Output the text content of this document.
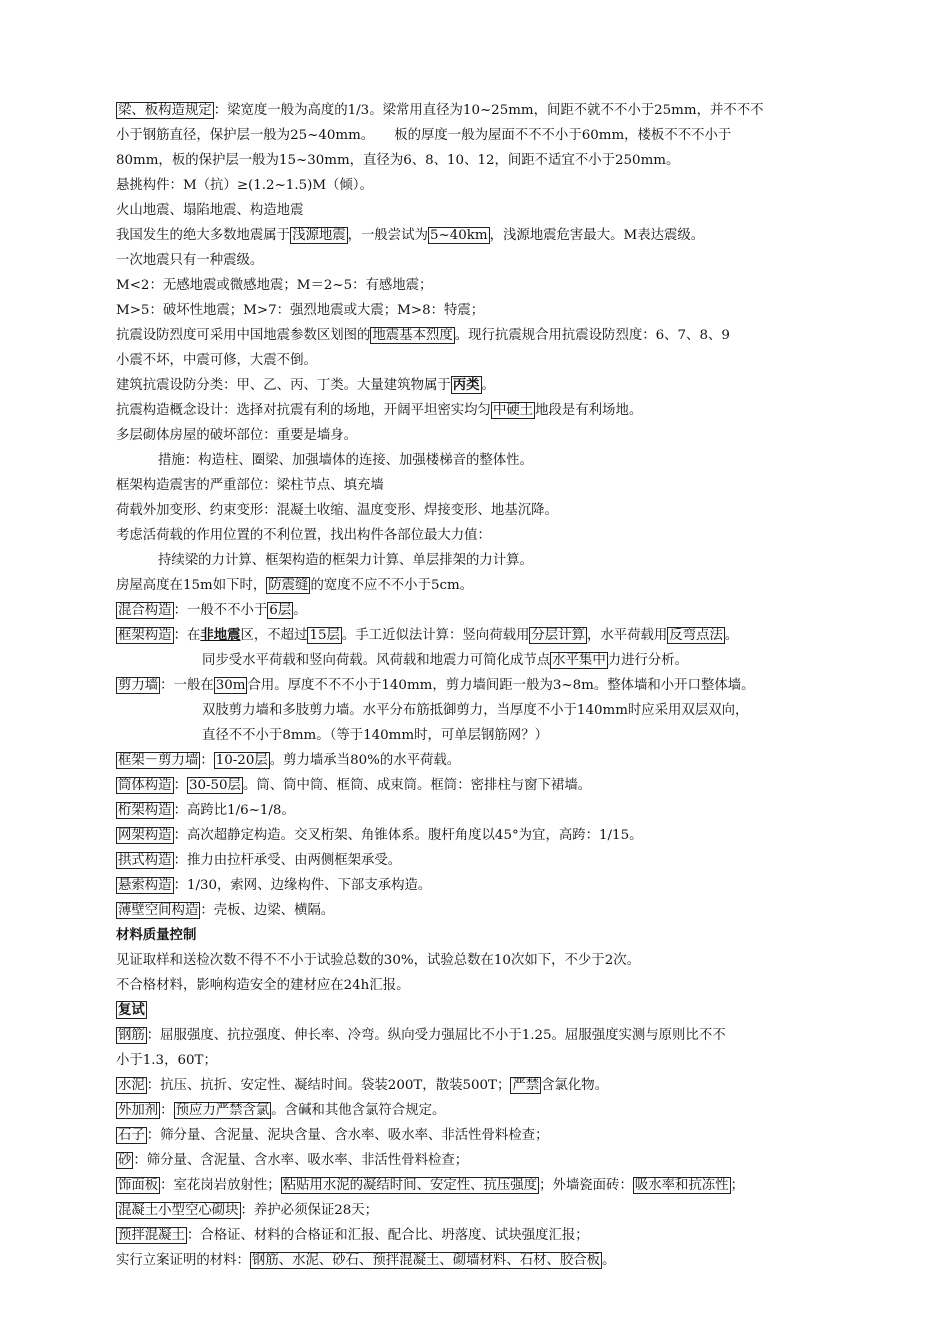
梁、板构造规定 ：梁宽度一般为高度的1/3。梁常用直径为10~25mm，间距不就不不小于25mm，并不不不
小于钢筋直径，保护层一般为25~40mm。　　板的厚度一般为屋面不不不小于60mm，楼板不不不小于
80mm，板的保护层一般为15~30mm，直径为6、8、10、12，间距不适宜不小于250mm。
悬挑构件：M（抗）≥(1.2~1.5)M（倾）。
火山地震、塌陷地震、构造地震
我国发生的绝大多数地震属于 浅源地震 ，一般尝试为 5~40km ，浅源地震危害最大。M表达震级。
一次地震只有一种震级。
M<2：无感地震或微感地震；M＝2~5：有感地震；
M>5：破坏性地震；M>7：强烈地震或大震；M>8：特震；
抗震设防烈度可采用中国地震参数区划图的 地震基本烈度 。现行抗震规合用抗震设防烈度：6、7、8、9
小震不坏，中震可修，大震不倒。
建筑抗震设防分类：甲、乙、丙、丁类。大量建筑物属于 丙类 。
抗震构造概念设计：选择对抗震有利的场地，开阔平坦密实均匀 中硬土 地段是有利场地。
多层砌体房屋的破坏部位：重要是墙身。
措施：构造柱、圈梁、加强墙体的连接、加强楼梯音的整体性。
框架构造震害的严重部位：梁柱节点、填充墙
荷载外加变形、约束变形：混凝土收缩、温度变形、焊接变形、地基沉降。
考虑活荷载的作用位置的不利位置，找出构件各部位最大力值：
持续梁的力计算、框架构造的框架力计算、单层排架的力计算。
房屋高度在15m如下时， 防震缝 的宽度不应不不小于5cm。
混合构造 ：一般不不小于 6层 。
框架构造 ：在非地震区，不超过 15层 。手工近似法计算：竖向荷载用 分层计算 ，水平荷载用 反弯点法 。
同步受水平荷载和竖向荷载。风荷载和地震力可简化成节点 水平集中 力进行分析。
剪力墙 ：一般在 30m 合用。厚度不不不小于140mm，剪力墙间距一般为3~8m。整体墙和小开口整体墙。
双肢剪力墙和多肢剪力墙。水平分布筋抵御剪力，当厚度不小于140mm时应采用双层双向，
直径不不小于8mm。（等于140mm时，可单层钢筋网？）
框架－剪力墙 ： 10-20层 。剪力墙承当80%的水平荷载。
筒体构造 ： 30-50层 。筒、筒中筒、框筒、成束筒。框筒：密排柱与窗下裙墙。
桁架构造 ：高跨比1/6~1/8。
网架构造 ：高次超静定构造。交叉桁架、角锥体系。腹杆角度以45°为宜，高跨：1/15。
拱式构造 ：推力由拉杆承受、由两侧框架承受。
悬索构造 ：1/30，索网、边缘构件、下部支承构造。
薄壁空间构造 ：壳板、边梁、横隔。
材料质量控制
见证取样和送检次数不得不不小于试验总数的30%，试验总数在10次如下，不少于2次。
不合格材料，影响构造安全的建材应在24h汇报。
复试
钢筋 ：屈服强度、抗拉强度、伸长率、冷弯。纵向受力强屈比不小于1.25。屈服强度实测与原则比不不
小于1.3，60T；
水泥 ：抗压、抗折、安定性、凝结时间。袋装200T，散装500T； 严禁 含氯化物。
外加剂 ： 预应力严禁含氯 。含碱和其他含氯符合规定。
石子 ：筛分量、含泥量、泥块含量、含水率、吸水率、非活性骨料检查；
砂 ：筛分量、含泥量、含水率、吸水率、非活性骨料检查；
饰面板 ：室花岗岩放射性； 粘贴用水泥的凝结时间、安定性、抗压强度 ；外墙瓷面砖： 吸水率和抗冻性 ；
混凝土小型空心砌块 ：养护必须保证28天；
预拌混凝土 ：合格证、材料的合格证和汇报、配合比、坍落度、试块强度汇报；
实行立案证明的材料： 钢筋、水泥、砂石、预拌混凝土、砌墙材料、石材、胶合板 。
